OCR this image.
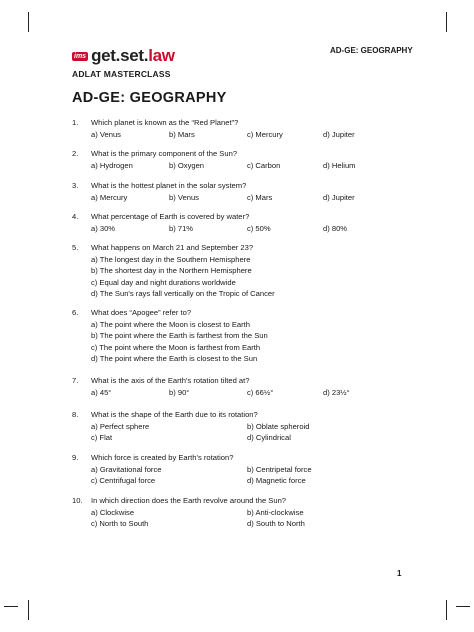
ims get.set.law
ADLAT MASTERCLASS
AD-GE: GEOGRAPHY
AD-GE: GEOGRAPHY
1. Which planet is known as the “Red Planet”?
a) Venus	b) Mars	c) Mercury	d) Jupiter
2. What is the primary component of the Sun?
a) Hydrogen	b) Oxygen	c) Carbon	d) Helium
3. What is the hottest planet in the solar system?
a) Mercury	b) Venus	c) Mars	d) Jupiter
4. What percentage of Earth is covered by water?
a) 30%	b) 71%	c) 50%	d) 80%
5. What happens on March 21 and September 23?
a) The longest day in the Southern Hemisphere
b) The shortest day in the Northern Hemisphere
c) Equal day and night durations worldwide
d) The Sun's rays fall vertically on the Tropic of Cancer
6. What does “Apogee” refer to?
a) The point where the Moon is closest to Earth
b) The point where the Earth is farthest from the Sun
c) The point where the Moon is farthest from Earth
d) The point where the Earth is closest to the Sun
7. What is the axis of the Earth's rotation tilted at?
a) 45°	b) 90°	c) 66½°	d) 23½°
8. What is the shape of the Earth due to its rotation?
a) Perfect sphere	b) Oblate spheroid
c) Flat	d) Cylindrical
9. Which force is created by Earth's rotation?
a) Gravitational force	b) Centripetal force
c) Centrifugal force	d) Magnetic force
10. In which direction does the Earth revolve around the Sun?
a) Clockwise	b) Anti-clockwise
c) North to South	d) South to North
1
